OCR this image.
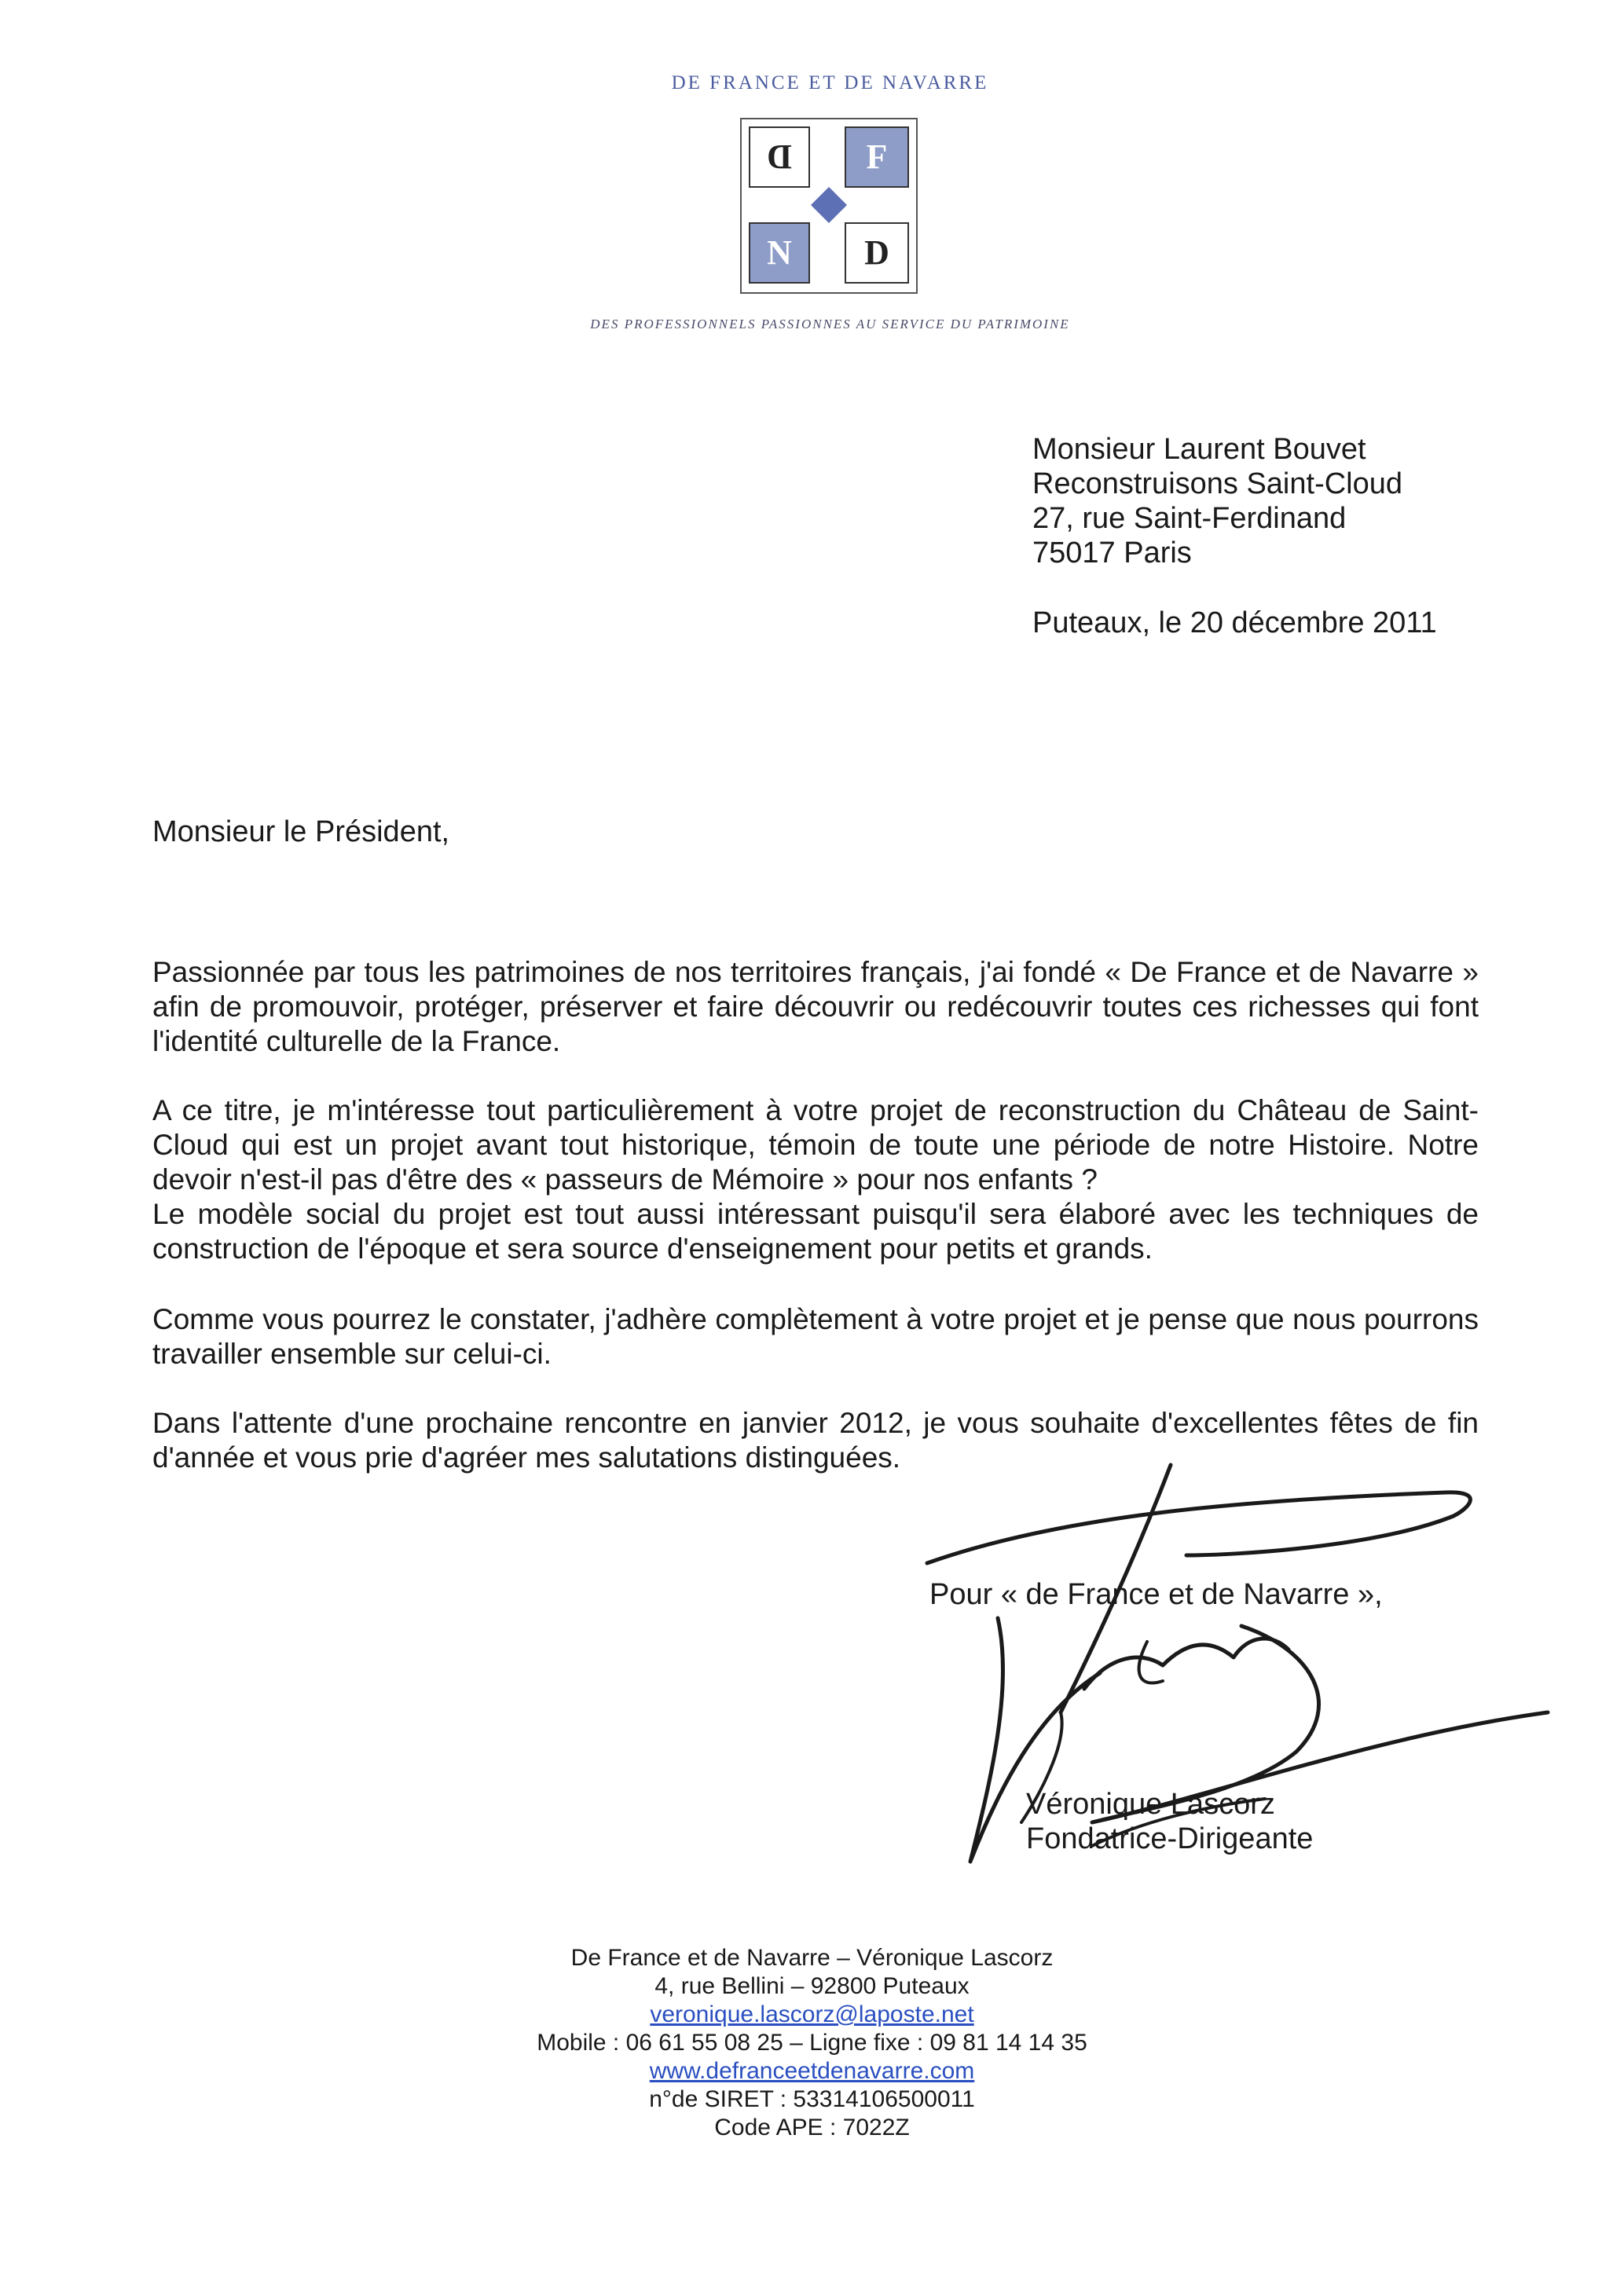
DE FRANCE ET DE NAVARRE
D F
N D
DES PROFESSIONNELS PASSIONNES AU SERVICE DU PATRIMOINE
Monsieur Laurent Bouvet
Reconstruisons Saint-Cloud
27, rue Saint-Ferdinand
75017 Paris
Puteaux, le 20 décembre 2011
Monsieur le Président,

Passionnée par tous les patrimoines de nos territoires français, j'ai fondé « De France et de Navarre » afin de promouvoir, protéger, préserver et faire découvrir ou redécouvrir toutes ces richesses qui font l'identité culturelle de la France.

A ce titre, je m'intéresse tout particulièrement à votre projet de reconstruction du Château de Saint-Cloud qui est un projet avant tout historique, témoin de toute une période de notre Histoire. Notre devoir n'est-il pas d'être des « passeurs de Mémoire » pour nos enfants ?
Le modèle social du projet est tout aussi intéressant puisqu'il sera élaboré avec les techniques de construction de l'époque et sera source d'enseignement pour petits et grands.

Comme vous pourrez le constater, j'adhère complètement à votre projet et je pense que nous pourrons travailler ensemble sur celui-ci.

Dans l'attente d'une prochaine rencontre en janvier 2012, je vous souhaite d'excellentes fêtes de fin d'année et vous prie d'agréer mes salutations distinguées.

Pour « de France et de Navarre »,
Véronique Lascorz
Fondatrice-Dirigeante
De France et de Navarre – Véronique Lascorz
4, rue Bellini – 92800 Puteaux
veronique.lascorz@laposte.net
Mobile : 06 61 55 08 25 – Ligne fixe : 09 81 14 14 35
www.defranceetdenavarre.com
n°de SIRET : 53314106500011
Code APE : 7022Z
